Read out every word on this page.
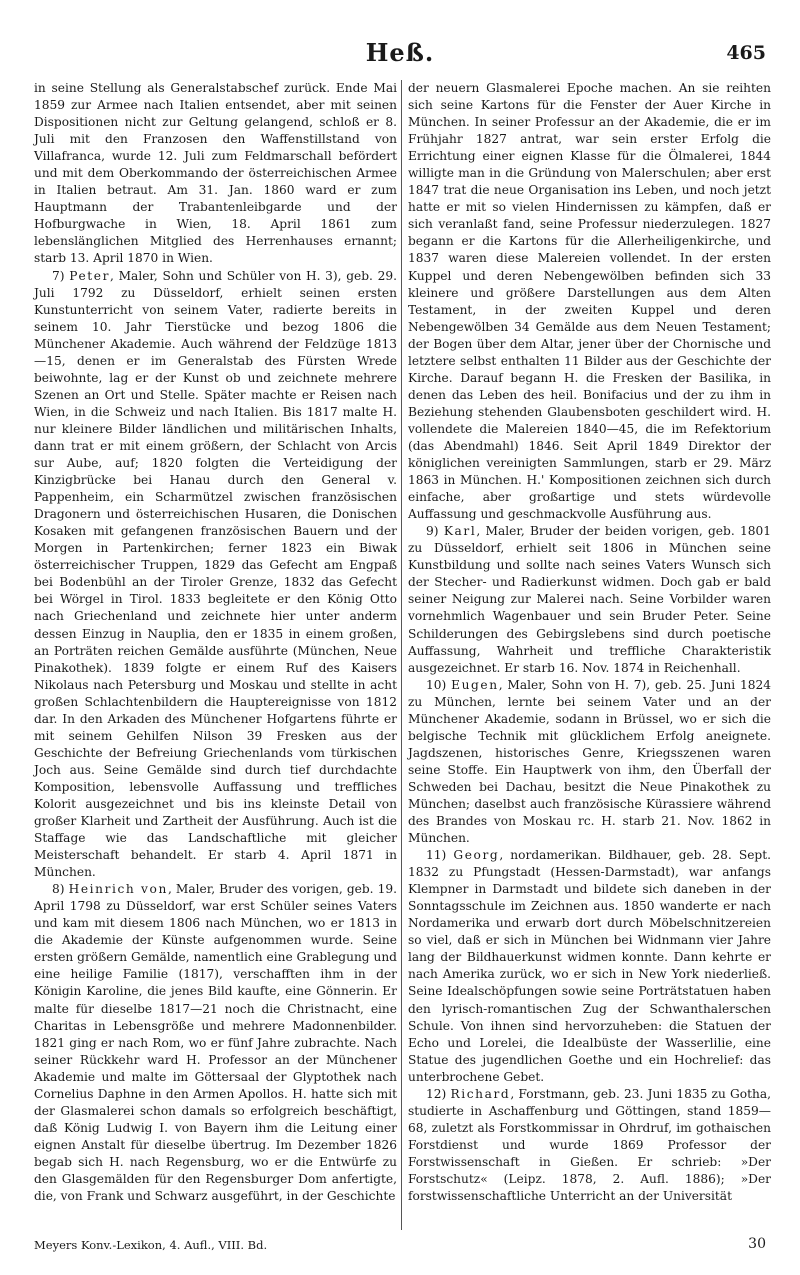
Heß.	465

in seine Stellung als Generalstabschef zurück. Ende Mai 1859 zur Armee nach Italien entsendet, aber mit seinen Dispositionen nicht zur Geltung gelangend, schloß er 8. Juli mit den Franzosen den Waffenstillstand von Villafranca, wurde 12. Juli zum Feldmarschall befördert und mit dem Oberkommando der österreichischen Armee in Italien betraut. Am 31. Jan. 1860 ward er zum Hauptmann der Trabantenleibgarde und der Hofburgwache in Wien, 18. April 1861 zum lebenslänglichen Mitglied des Herrenhauses ernannt; starb 13. April 1870 in Wien.

7) Peter, Maler, Sohn und Schüler von H. 3), geb. 29. Juli 1792 zu Düsseldorf, erhielt seinen ersten Kunstunterricht von seinem Vater, radierte bereits in seinem 10. Jahr Tierstücke und bezog 1806 die Münchener Akademie. Auch während der Feldzüge 1813—15, denen er im Generalstab des Fürsten Wrede beiwohnte, lag er der Kunst ob und zeichnete mehrere Szenen an Ort und Stelle. Später machte er Reisen nach Wien, in die Schweiz und nach Italien. Bis 1817 malte H. nur kleinere Bilder ländlichen und militärischen Inhalts, dann trat er mit einem größern, der Schlacht von Arcis sur Aube, auf; 1820 folgten die Verteidigung der Kinzigbrücke bei Hanau durch den General v. Pappenheim, ein Scharmützel zwischen französischen Dragonern und österreichischen Husaren, die Donischen Kosaken mit gefangenen französischen Bauern und der Morgen in Partenkirchen; ferner 1823 ein Biwak österreichischer Truppen, 1829 das Gefecht am Engpaß bei Bodenbühl an der Tiroler Grenze, 1832 das Gefecht bei Wörgel in Tirol. 1833 begleitete er den König Otto nach Griechenland und zeichnete hier unter anderm dessen Einzug in Nauplia, den er 1835 in einem großen, an Porträten reichen Gemälde ausführte (München, Neue Pinakothek). 1839 folgte er einem Ruf des Kaisers Nikolaus nach Petersburg und Moskau und stellte in acht großen Schlachtenbildern die Hauptereignisse von 1812 dar. In den Arkaden des Münchener Hofgartens führte er mit seinem Gehilfen Nilson 39 Fresken aus der Geschichte der Befreiung Griechenlands vom türkischen Joch aus. Seine Gemälde sind durch tief durchdachte Komposition, lebensvolle Auffassung und treffliches Kolorit ausgezeichnet und bis ins kleinste Detail von großer Klarheit und Zartheit der Ausführung. Auch ist die Staffage wie das Landschaftliche mit gleicher Meisterschaft behandelt. Er starb 4. April 1871 in München.

8) Heinrich von, Maler, Bruder des vorigen, geb. 19. April 1798 zu Düsseldorf, war erst Schüler seines Vaters und kam mit diesem 1806 nach München, wo er 1813 in die Akademie der Künste aufgenommen wurde. Seine ersten größern Gemälde, namentlich eine Grablegung und eine heilige Familie (1817), verschafften ihm in der Königin Karoline, die jenes Bild kaufte, eine Gönnerin. Er malte für dieselbe 1817—21 noch die Christnacht, eine Charitas in Lebensgröße und mehrere Madonnenbilder. 1821 ging er nach Rom, wo er fünf Jahre zubrachte. Nach seiner Rückkehr ward H. Professor an der Münchener Akademie und malte im Göttersaal der Glyptothek nach Cornelius Daphne in den Armen Apollos. H. hatte sich mit der Glasmalerei schon damals so erfolgreich beschäftigt, daß König Ludwig I. von Bayern ihm die Leitung einer eignen Anstalt für dieselbe übertrug. Im Dezember 1826 begab sich H. nach Regensburg, wo er die Entwürfe zu den Glasgemälden für den Regensburger Dom anfertigte, die, von Frank und Schwarz ausgeführt, in der Geschichte

der neuern Glasmalerei Epoche machen. An sie reihten sich seine Kartons für die Fenster der Auer Kirche in München. In seiner Professur an der Akademie, die er im Frühjahr 1827 antrat, war sein erster Erfolg die Errichtung einer eignen Klasse für die Ölmalerei, 1844 willigte man in die Gründung von Malerschulen; aber erst 1847 trat die neue Organisation ins Leben, und noch jetzt hatte er mit so vielen Hindernissen zu kämpfen, daß er sich veranlaßt fand, seine Professur niederzulegen. 1827 begann er die Kartons für die Allerheiligenkirche, und 1837 waren diese Malereien vollendet. In der ersten Kuppel und deren Nebengewölben befinden sich 33 kleinere und größere Darstellungen aus dem Alten Testament, in der zweiten Kuppel und deren Nebengewölben 34 Gemälde aus dem Neuen Testament; der Bogen über dem Altar, jener über der Chornische und letztere selbst enthalten 11 Bilder aus der Geschichte der Kirche. Darauf begann H. die Fresken der Basilika, in denen das Leben des heil. Bonifacius und der zu ihm in Beziehung stehenden Glaubensboten geschildert wird. H. vollendete die Malereien 1840—45, die im Refektorium (das Abendmahl) 1846. Seit April 1849 Direktor der königlichen vereinigten Sammlungen, starb er 29. März 1863 in München. H.' Kompositionen zeichnen sich durch einfache, aber großartige und stets würdevolle Auffassung und geschmackvolle Ausführung aus.

9) Karl, Maler, Bruder der beiden vorigen, geb. 1801 zu Düsseldorf, erhielt seit 1806 in München seine Kunstbildung und sollte nach seines Vaters Wunsch sich der Stecher- und Radierkunst widmen. Doch gab er bald seiner Neigung zur Malerei nach. Seine Vorbilder waren vornehmlich Wagenbauer und sein Bruder Peter. Seine Schilderungen des Gebirgslebens sind durch poetische Auffassung, Wahrheit und treffliche Charakteristik ausgezeichnet. Er starb 16. Nov. 1874 in Reichenhall.

10) Eugen, Maler, Sohn von H. 7), geb. 25. Juni 1824 zu München, lernte bei seinem Vater und an der Münchener Akademie, sodann in Brüssel, wo er sich die belgische Technik mit glücklichem Erfolg aneignete. Jagdszenen, historisches Genre, Kriegsszenen waren seine Stoffe. Ein Hauptwerk von ihm, den Überfall der Schweden bei Dachau, besitzt die Neue Pinakothek zu München; daselbst auch französische Kürassiere während des Brandes von Moskau rc. H. starb 21. Nov. 1862 in München.

11) Georg, nordamerikan. Bildhauer, geb. 28. Sept. 1832 zu Pfungstadt (Hessen-Darmstadt), war anfangs Klempner in Darmstadt und bildete sich daneben in der Sonntagsschule im Zeichnen aus. 1850 wanderte er nach Nordamerika und erwarb dort durch Möbelschnitzereien so viel, daß er sich in München bei Widnmann vier Jahre lang der Bildhauerkunst widmen konnte. Dann kehrte er nach Amerika zurück, wo er sich in New York niederließ. Seine Idealschöpfungen sowie seine Porträtstatuen haben den lyrisch-romantischen Zug der Schwanthalerschen Schule. Von ihnen sind hervorzuheben: die Statuen der Echo und Lorelei, die Idealbüste der Wasserlilie, eine Statue des jugendlichen Goethe und ein Hochrelief: das unterbrochene Gebet.

12) Richard, Forstmann, geb. 23. Juni 1835 zu Gotha, studierte in Aschaffenburg und Göttingen, stand 1859—68, zuletzt als Forstkommissar in Ohrdruf, im gothaischen Forstdienst und wurde 1869 Professor der Forstwissenschaft in Gießen. Er schrieb: »Der Forstschutz« (Leipz. 1878, 2. Aufl. 1886); »Der forstwissenschaftliche Unterricht an der Universität

Meyers Konv.-Lexikon, 4. Aufl., VIII. Bd.	30
